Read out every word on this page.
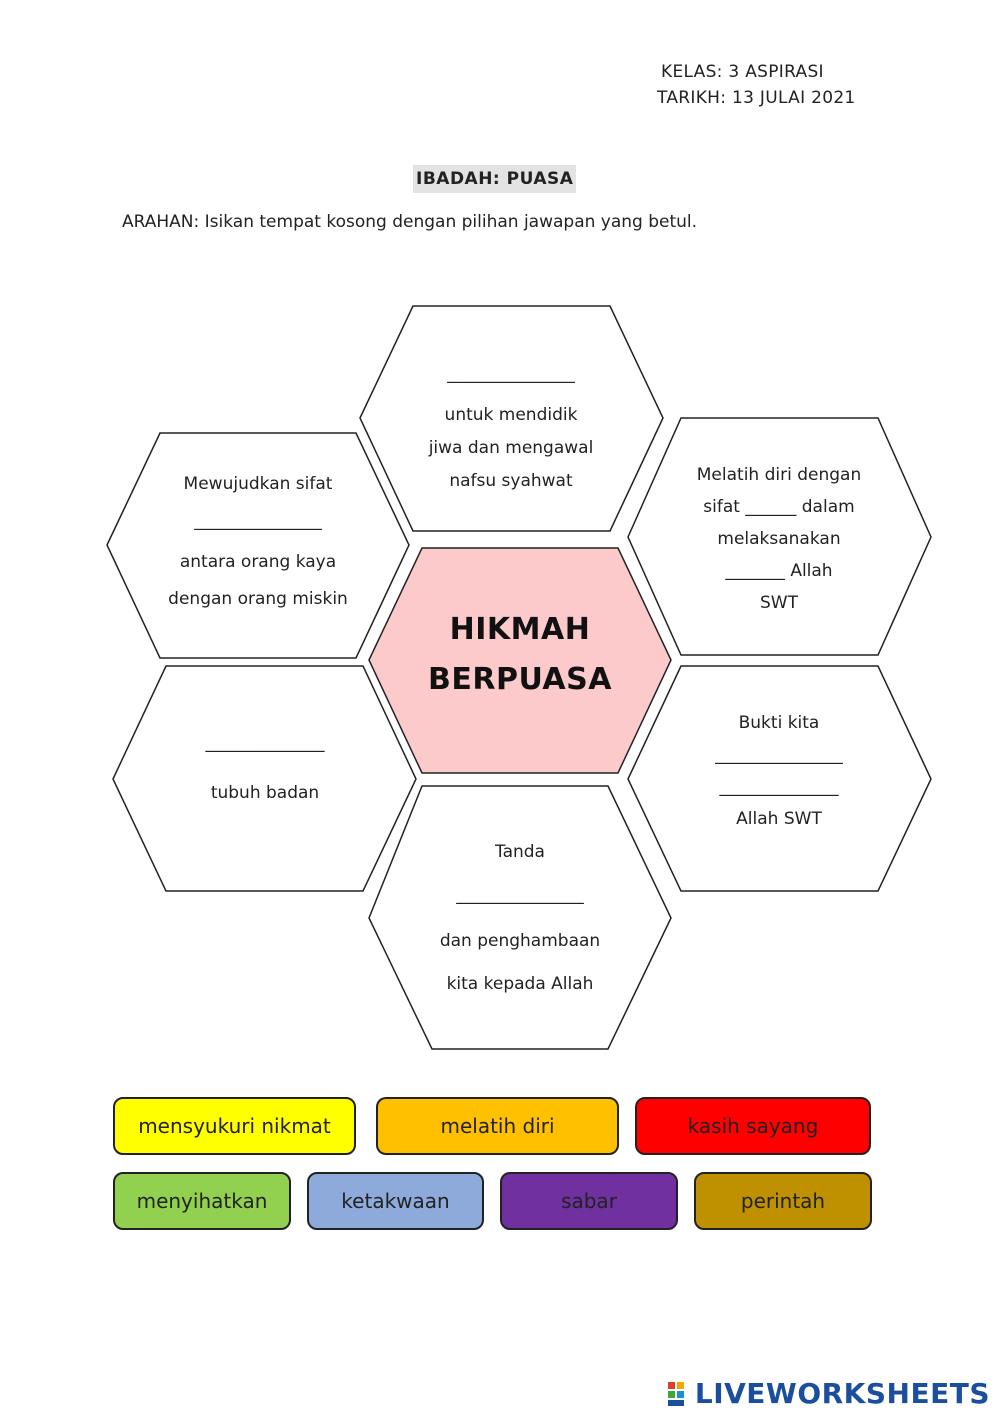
KELAS: 3 ASPIRASI
TARIKH: 13 JULAI 2021
IBADAH: PUASA
ARAHAN: Isikan tempat kosong dengan pilihan jawapan yang betul.
_______________
untuk mendidik
jiwa dan mengawal
nafsu syahwat
Mewujudkan sifat
_______________
antara orang kaya
dengan orang miskin
Melatih diri dengan
sifat ______ dalam
melaksanakan
_______ Allah
SWT
______________
tubuh badan
Bukti kita
_______________
______________
Allah SWT
Tanda
_______________
dan penghambaan
kita kepada Allah
HIKMAH
BERPUASA
mensyukuri nikmat	melatih diri	kasih sayang
menyihatkan	ketakwaan	sabar	perintah
LIVEWORKSHEETS
